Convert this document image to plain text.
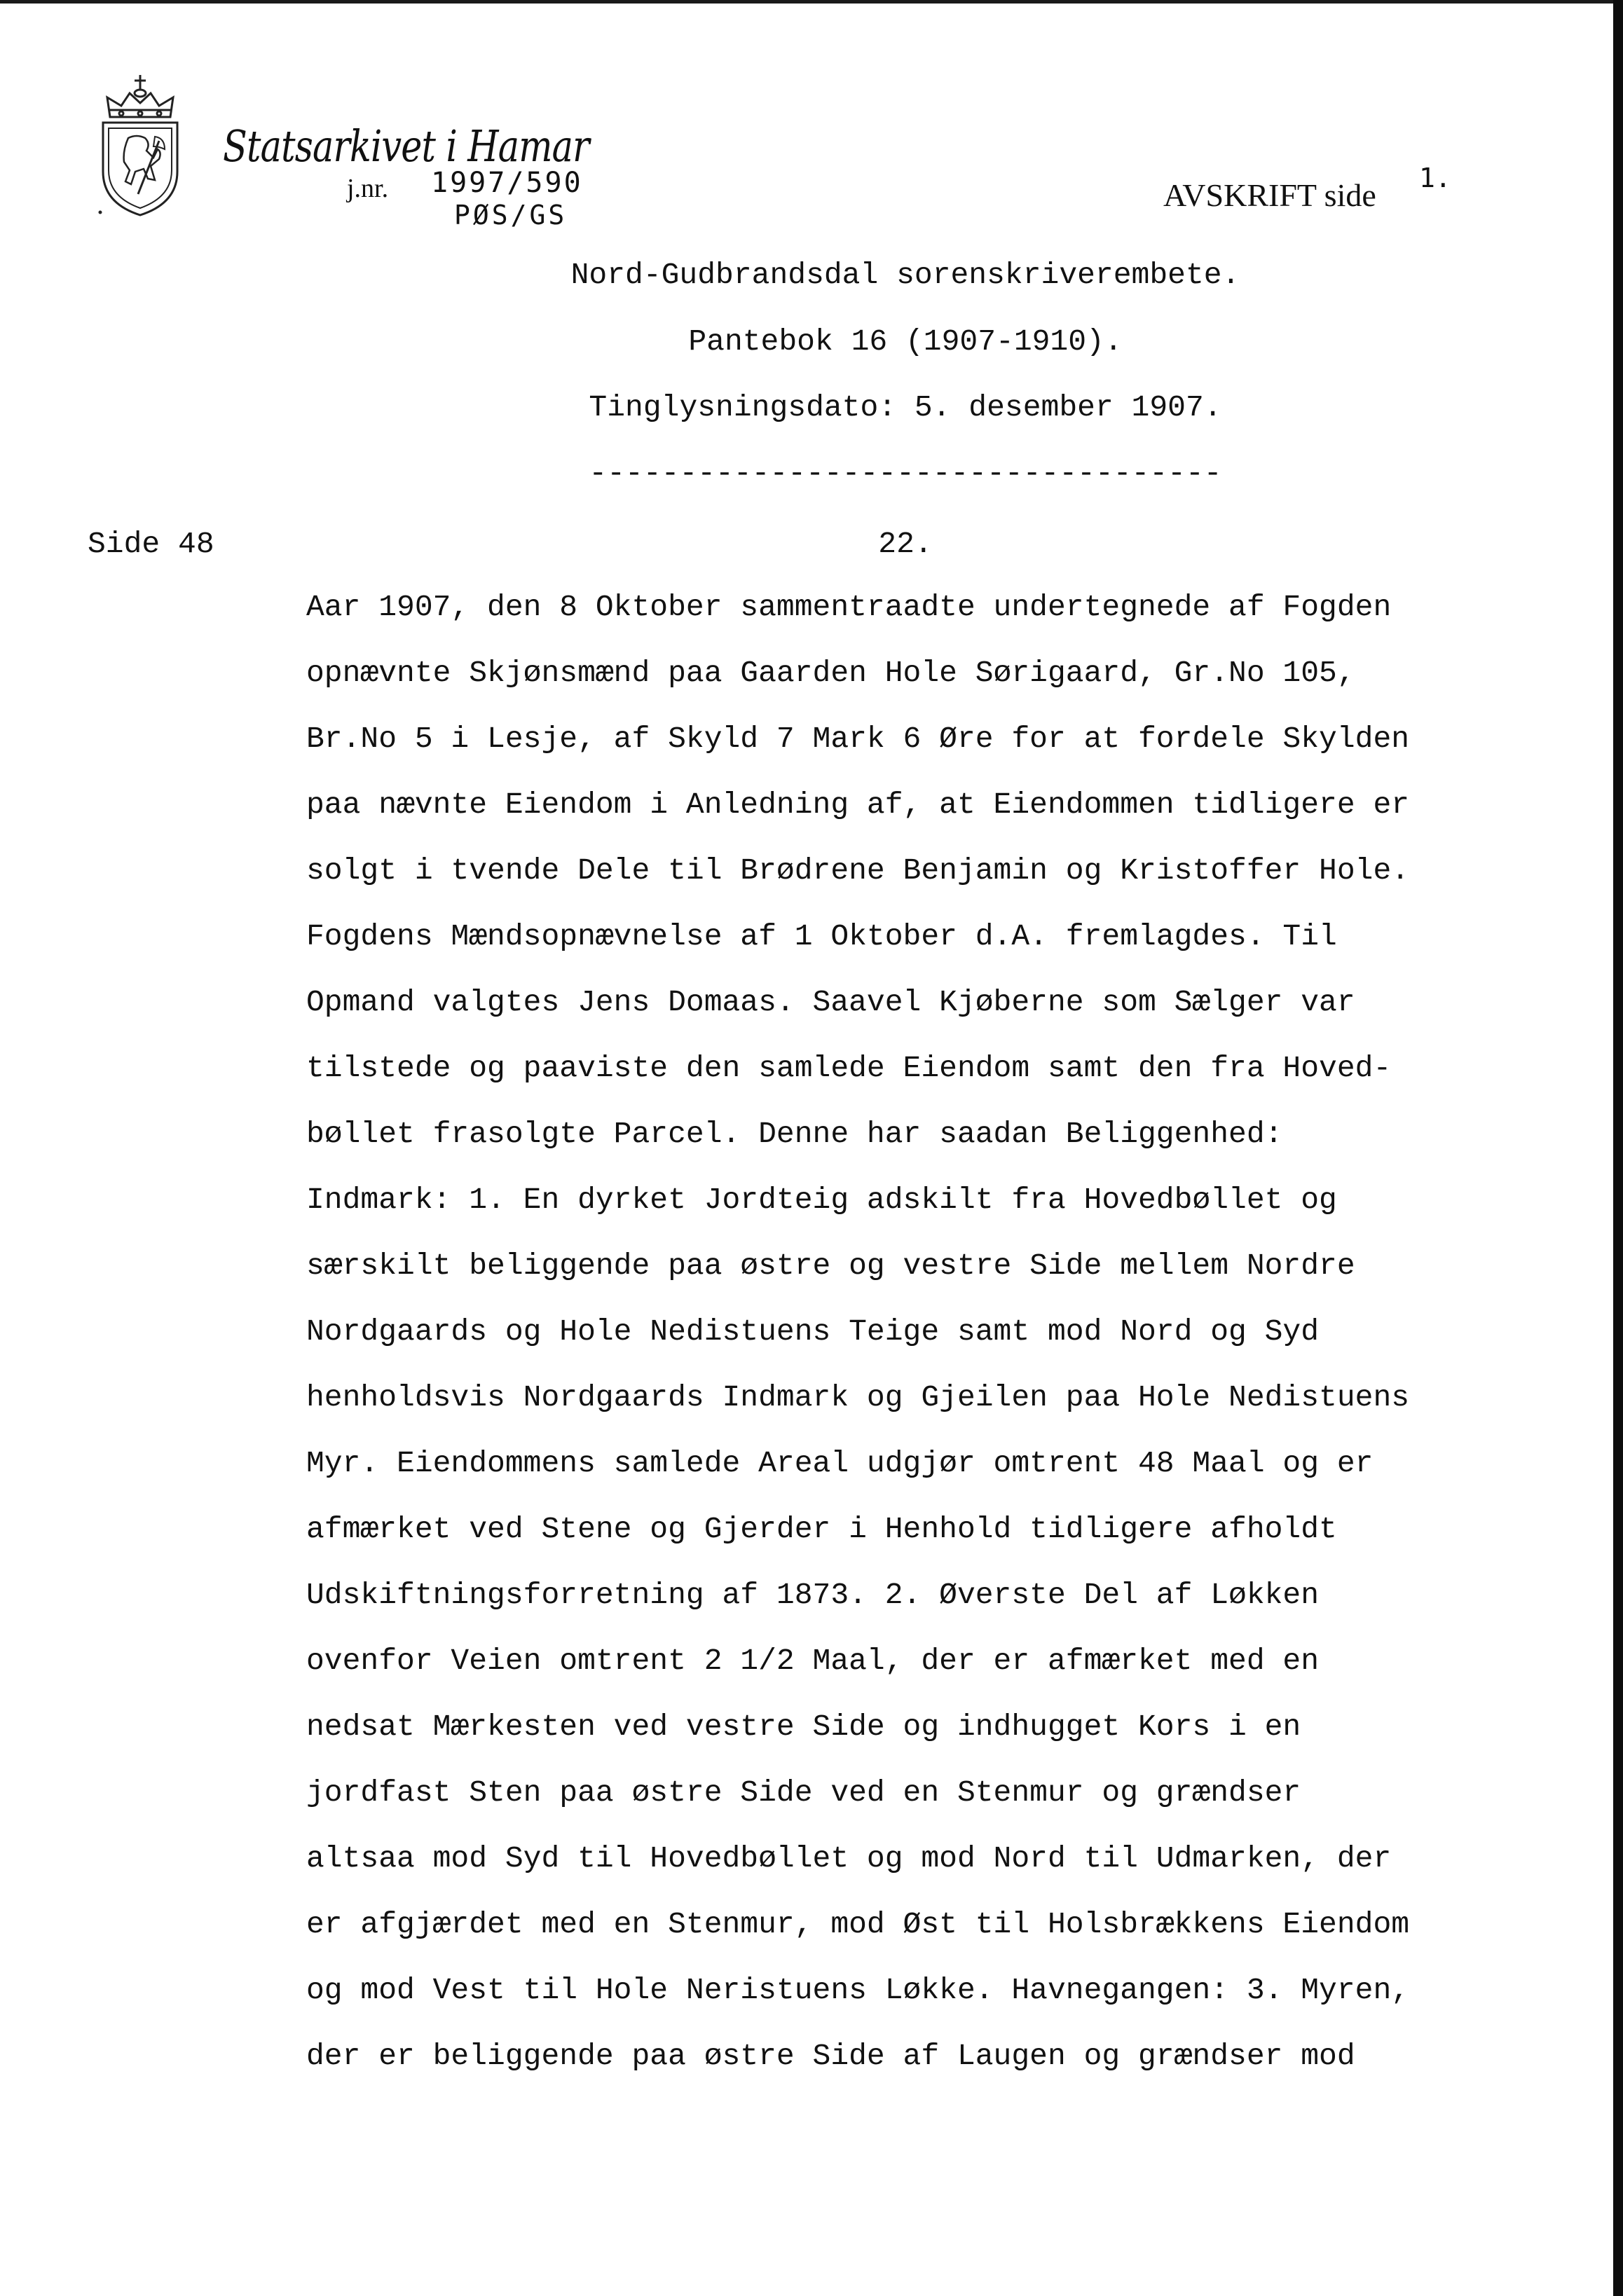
Statsarkivet i Hamar
j.nr. 1997/590
PØS/GS
AVSKRIFT side 1.
Nord-Gudbrandsdal sorenskriverembete.
Pantebok 16 (1907-1910).
Tinglysningsdato: 5. desember 1907.
-----------------------------------
Side 48	22.
Aar 1907, den 8 Oktober sammentraadte undertegnede af Fogden
opnævnte Skjønsmænd paa Gaarden Hole Sørigaard, Gr.No 105,
Br.No 5 i Lesje, af Skyld 7 Mark 6 Øre for at fordele Skylden
paa nævnte Eiendom i Anledning af, at Eiendommen tidligere er
solgt i tvende Dele til Brødrene Benjamin og Kristoffer Hole.
Fogdens Mændsopnævnelse af 1 Oktober d.A. fremlagdes. Til
Opmand valgtes Jens Domaas. Saavel Kjøberne som Sælger var
tilstede og paaviste den samlede Eiendom samt den fra Hoved-
bøllet frasolgte Parcel. Denne har saadan Beliggenhed:
Indmark: 1. En dyrket Jordteig adskilt fra Hovedbøllet og
særskilt beliggende paa østre og vestre Side mellem Nordre
Nordgaards og Hole Nedistuens Teige samt mod Nord og Syd
henholdsvis Nordgaards Indmark og Gjeilen paa Hole Nedistuens
Myr. Eiendommens samlede Areal udgjør omtrent 48 Maal og er
afmærket ved Stene og Gjerder i Henhold tidligere afholdt
Udskiftningsforretning af 1873. 2. Øverste Del af Løkken
ovenfor Veien omtrent 2 1/2 Maal, der er afmærket med en
nedsat Mærkesten ved vestre Side og indhugget Kors i en
jordfast Sten paa østre Side ved en Stenmur og grændser
altsaa mod Syd til Hovedbøllet og mod Nord til Udmarken, der
er afgjærdet med en Stenmur, mod Øst til Holsbrækkens Eiendom
og mod Vest til Hole Neristuens Løkke. Havnegangen: 3. Myren,
der er beliggende paa østre Side af Laugen og grændser mod
